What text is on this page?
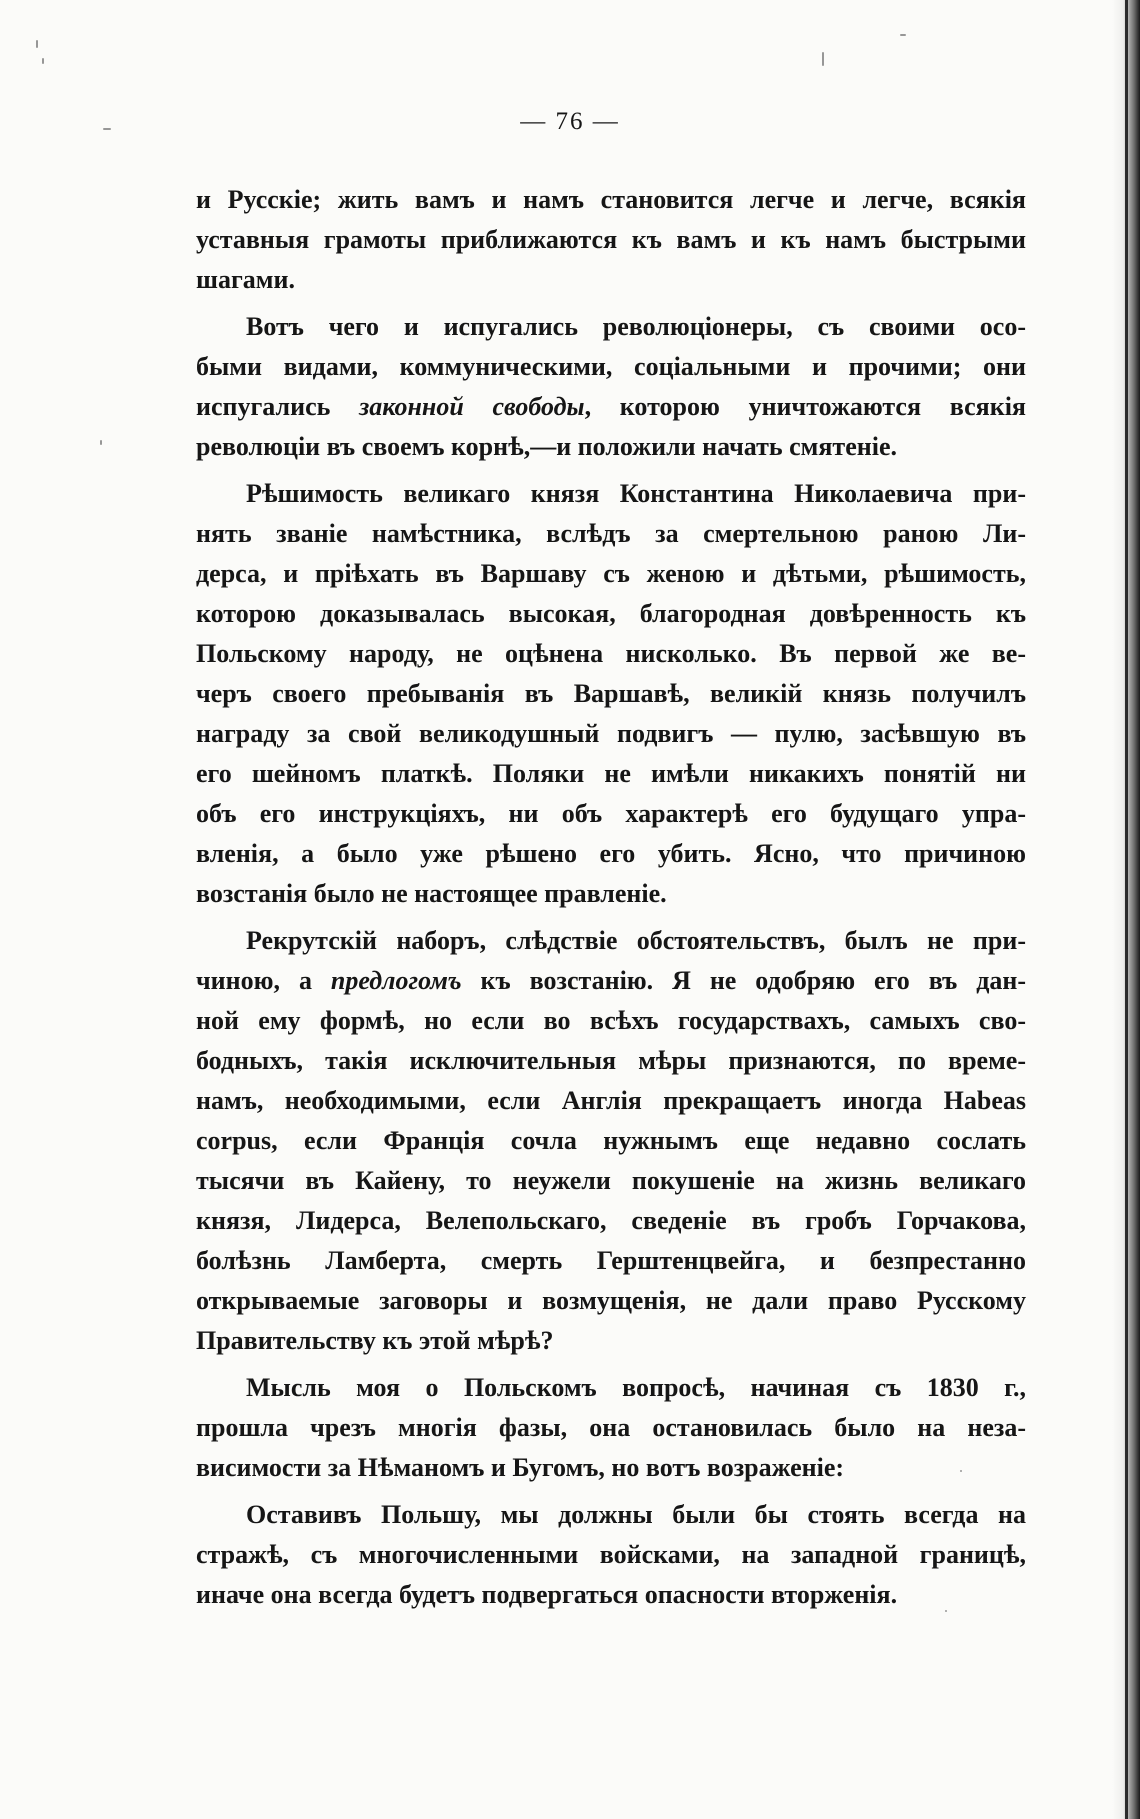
— 76 —
и Русскіе; жить вамъ и намъ становится легче и легче, всякія
уставныя грамоты приближаются къ вамъ и къ намъ быстрыми
шагами.
Вотъ чего и испугались революціонеры, съ своими осо-
быми видами, коммуническими, соціальными и прочими; они
испугались законной свободы, которою уничтожаются всякія
революціи въ своемъ корнѣ,—и положили начать смятеніе.
Рѣшимость великаго князя Константина Николаевича при-
нять званіе намѣстника, вслѣдъ за смертельною раною Ли-
дерса, и пріѣхать въ Варшаву съ женою и дѣтьми, рѣшимость,
которою доказывалась высокая, благородная довѣренность къ
Польскому народу, не оцѣнена нисколько. Въ первой же ве-
черъ своего пребыванія въ Варшавѣ, великій князь получилъ
награду за свой великодушный подвигъ — пулю, засѣвшую въ
его шейномъ платкѣ. Поляки не имѣли никакихъ понятій ни
объ его инструкціяхъ, ни объ характерѣ его будущаго упра-
вленія, а было уже рѣшено его убить. Ясно, что причиною
возстанія было не настоящее правленіе.
Рекрутскій наборъ, слѣдствіе обстоятельствъ, былъ не при-
чиною, а предлогомъ къ возстанію. Я не одобряю его въ дан-
ной ему формѣ, но если во всѣхъ государствахъ, самыхъ сво-
бодныхъ, такія исключительныя мѣры признаются, по време-
намъ, необходимыми, если Англія прекращаетъ иногда Habeas
corpus, если Франція сочла нужнымъ еще недавно сослать
тысячи въ Кайену, то неужели покушеніе на жизнь великаго
князя, Лидерса, Велепольскаго, сведеніе въ гробъ Горчакова,
болѣзнь Ламберта, смерть Герштенцвейга, и безпрестанно
открываемые заговоры и возмущенія, не дали право Русскому
Правительству къ этой мѣрѣ?
Мысль моя о Польскомъ вопросѣ, начиная съ 1830 г.,
прошла чрезъ многія фазы, она остановилась было на неза-
висимости за Нѣманомъ и Бугомъ, но вотъ возраженіе:
Оставивъ Польшу, мы должны были бы стоять всегда на
стражѣ, съ многочисленными войсками, на западной границѣ,
иначе она всегда будетъ подвергаться опасности вторженія.
